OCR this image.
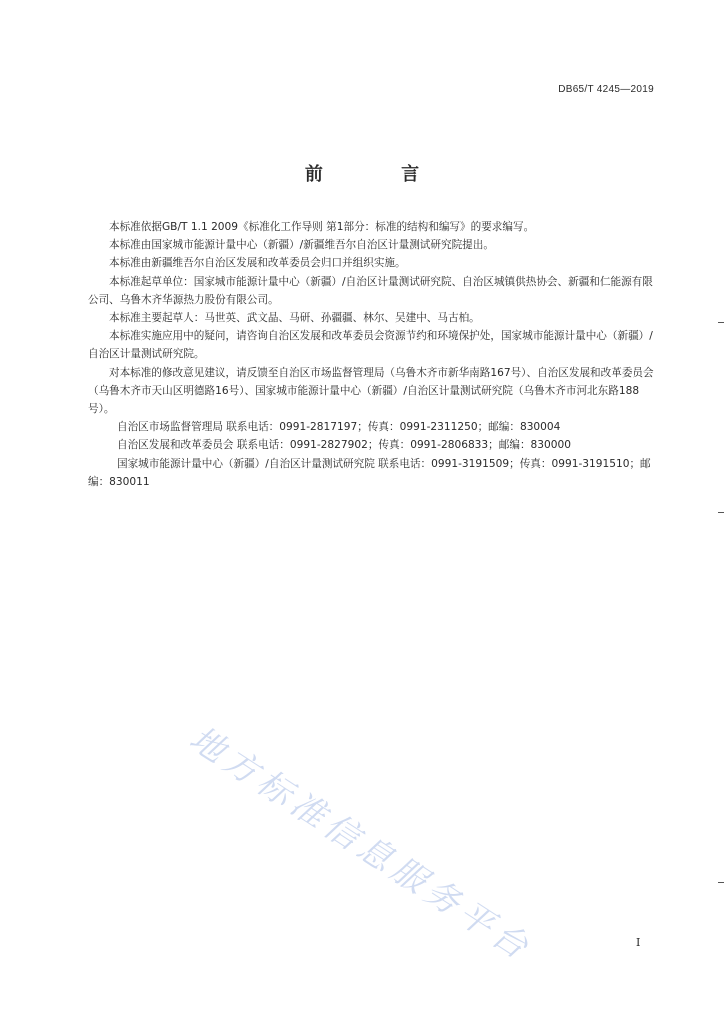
DB65/T 4245—2019
前 言

本标准依据GB/T 1.1 2009《标准化工作导则 第1部分：标准的结构和编写》的要求编写。

本标准由国家城市能源计量中心（新疆）/新疆维吾尔自治区计量测试研究院提出。

本标准由新疆维吾尔自治区发展和改革委员会归口并组织实施。

本标准起草单位：国家城市能源计量中心（新疆）/自治区计量测试研究院、自治区城镇供热协会、新疆和仁能源有限公司、乌鲁木齐华源热力股份有限公司。

本标准主要起草人：马世英、武文晶、马研、孙疆疆、林尔、吴建中、马古柏。

本标准实施应用中的疑问，请咨询自治区发展和改革委员会资源节约和环境保护处，国家城市能源计量中心（新疆）/自治区计量测试研究院。

对本标准的修改意见建议，请反馈至自治区市场监督管理局（乌鲁木齐市新华南路167号）、自治区发展和改革委员会（乌鲁木齐市天山区明德路16号）、国家城市能源计量中心（新疆）/自治区计量测试研究院（乌鲁木齐市河北东路188号）。

自治区市场监督管理局 联系电话：0991-2817197；传真：0991-2311250；邮编：830004

自治区发展和改革委员会 联系电话：0991-2827902；传真：0991-2806833；邮编：830000

国家城市能源计量中心（新疆）/自治区计量测试研究院 联系电话：0991-3191509；传真：0991-3191510；邮编：830011

地方标准信息服务平台	I
